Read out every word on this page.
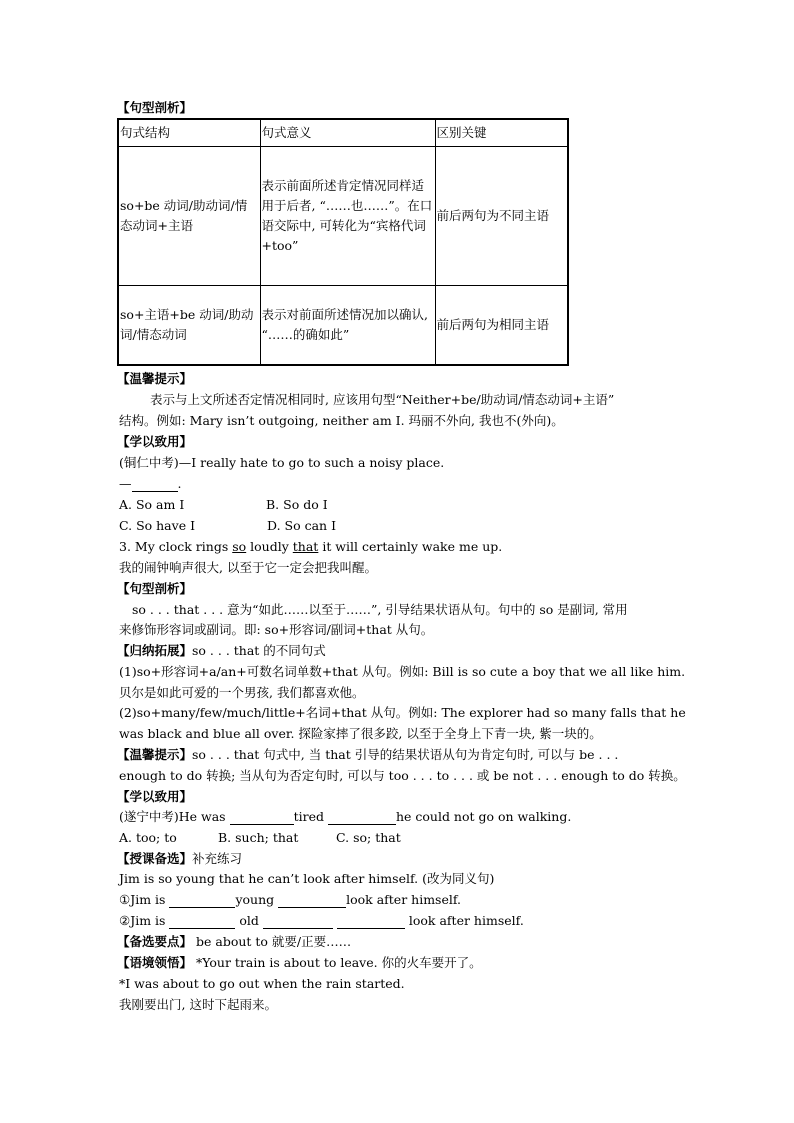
【句型剖析】
句式结构	句式意义	区别关键
so+be 动词/助动词/情态动词+主语	表示前面所述肯定情况同样适用于后者, “……也……”。在口语交际中, 可转化为“宾格代词+too”	前后两句为不同主语
so+主语+be 动词/助动词/情态动词	表示对前面所述情况加以确认, “……的确如此”	前后两句为相同主语
【温馨提示】
表示与上文所述否定情况相同时, 应该用句型“Neither+be/助动词/情态动词+主语”
结构。例如: Mary isn’t outgoing, neither am I. 玛丽不外向, 我也不(外向)。
【学以致用】
(铜仁中考)—I really hate to go to such a noisy place.
—	.
A. So am I	B. So do I
C. So have I	D. So can I
3. My clock rings so loudly that it will certainly wake me up.
我的闹钟响声很大, 以至于它一定会把我叫醒。
【句型剖析】
so . . . that . . . 意为“如此……以至于……”, 引导结果状语从句。句中的 so 是副词, 常用
来修饰形容词或副词。即: so+形容词/副词+that 从句。
【归纳拓展】so . . . that 的不同句式
(1)so+形容词+a/an+可数名词单数+that 从句。例如: Bill is so cute a boy that we all like him.
贝尔是如此可爱的一个男孩, 我们都喜欢他。
(2)so+many/few/much/little+名词+that 从句。例如: The explorer had so many falls that he
was black and blue all over. 探险家摔了很多跤, 以至于全身上下青一块, 紫一块的。
【温馨提示】so . . . that 句式中, 当 that 引导的结果状语从句为肯定句时, 可以与 be . . .
enough to do 转换; 当从句为否定句时, 可以与 too . . . to . . . 或 be not . . . enough to do 转换。
【学以致用】
(遂宁中考)He was	tired	he could not go on walking.
A. too; to	B. such; that	C. so; that
【授课备选】补充练习
Jim is so young that he can’t look after himself. (改为同义句)
①Jim is	young	look after himself.
②Jim is	old	look after himself.
【备选要点】 be about to 就要/正要……
【语境领悟】 *Your train is about to leave. 你的火车要开了。
*I was about to go out when the rain started.
我刚要出门, 这时下起雨来。
